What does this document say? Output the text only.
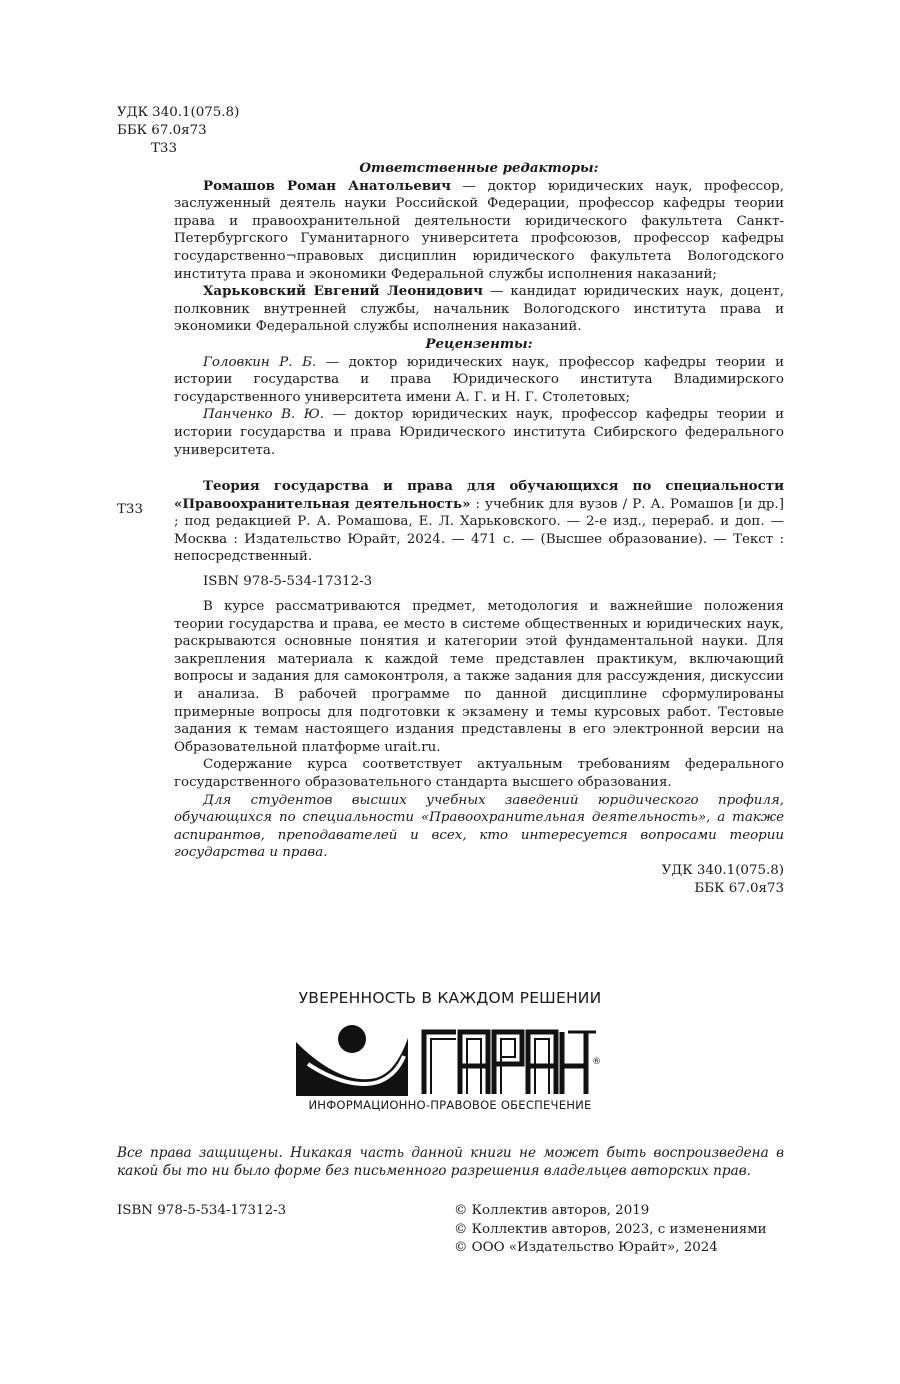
УДК 340.1(075.8)
ББК 67.0я73
Т33

Ответственные редакторы:

Ромашов Роман Анатольевич — доктор юридических наук, профессор, заслуженный деятель науки Российской Федерации, профессор кафедры теории права и правоохранительной деятельности юридического факультета Санкт-Петербургского Гуманитарного университета профсоюзов, профессор кафедры государственно¬правовых дисциплин юридического факультета Вологодского института права и экономики Федеральной службы исполнения наказаний;

Харьковский Евгений Леонидович — кандидат юридических наук, доцент, полковник внутренней службы, начальник Вологодского института права и экономики Федеральной службы исполнения наказаний.

Рецензенты:

Головкин Р. Б. — доктор юридических наук, профессор кафедры теории и истории государства и права Юридического института Владимирского государственного университета имени А. Г. и Н. Г. Столетовых;

Панченко В. Ю. — доктор юридических наук, профессор кафедры теории и истории государства и права Юридического института Сибирского федерального университета.

Т33

Теория государства и права для обучающихся по специальности «Правоохранительная деятельность» : учебник для вузов / Р. А. Ромашов [и др.] ; под редакцией Р. А. Ромашова, Е. Л. Харьковского. — 2-е изд., перераб. и доп. — Москва : Издательство Юрайт, 2024. — 471 с. — (Высшее образование). — Текст : непосредственный.

ISBN 978-5-534-17312-3

В курсе рассматриваются предмет, методология и важнейшие положения теории государства и права, ее место в системе общественных и юридических наук, раскрываются основные понятия и категории этой фундаментальной науки. Для закрепления материала к каждой теме представлен практикум, включающий вопросы и задания для самоконтроля, а также задания для рассуждения, дискуссии и анализа. В рабочей программе по данной дисциплине сформулированы примерные вопросы для подготовки к экзамену и темы курсовых работ. Тестовые задания к темам настоящего издания представлены в его электронной версии на Образовательной платформе urait.ru.

Содержание курса соответствует актуальным требованиям федерального государственного образовательного стандарта высшего образования.

Для студентов высших учебных заведений юридического профиля, обучающихся по специальности «Правоохранительная деятельность», а также аспирантов, преподавателей и всех, кто интересуется вопросами теории государства и права.

УДК 340.1(075.8)

ББК 67.0я73

УВЕРЕННОСТЬ В КАЖДОМ РЕШЕНИИ
®
ИНФОРМАЦИОННО-ПРАВОВОЕ ОБЕСПЕЧЕНИЕ
Все права защищены. Никакая часть данной книги не может быть воспроизведена в какой бы то ни было форме без письменного разрешения владельцев авторских прав.
ISBN 978-5-534-17312-3	© Коллектив авторов, 2019
© Коллектив авторов, 2023, с изменениями
© ООО «Издательство Юрайт», 2024
